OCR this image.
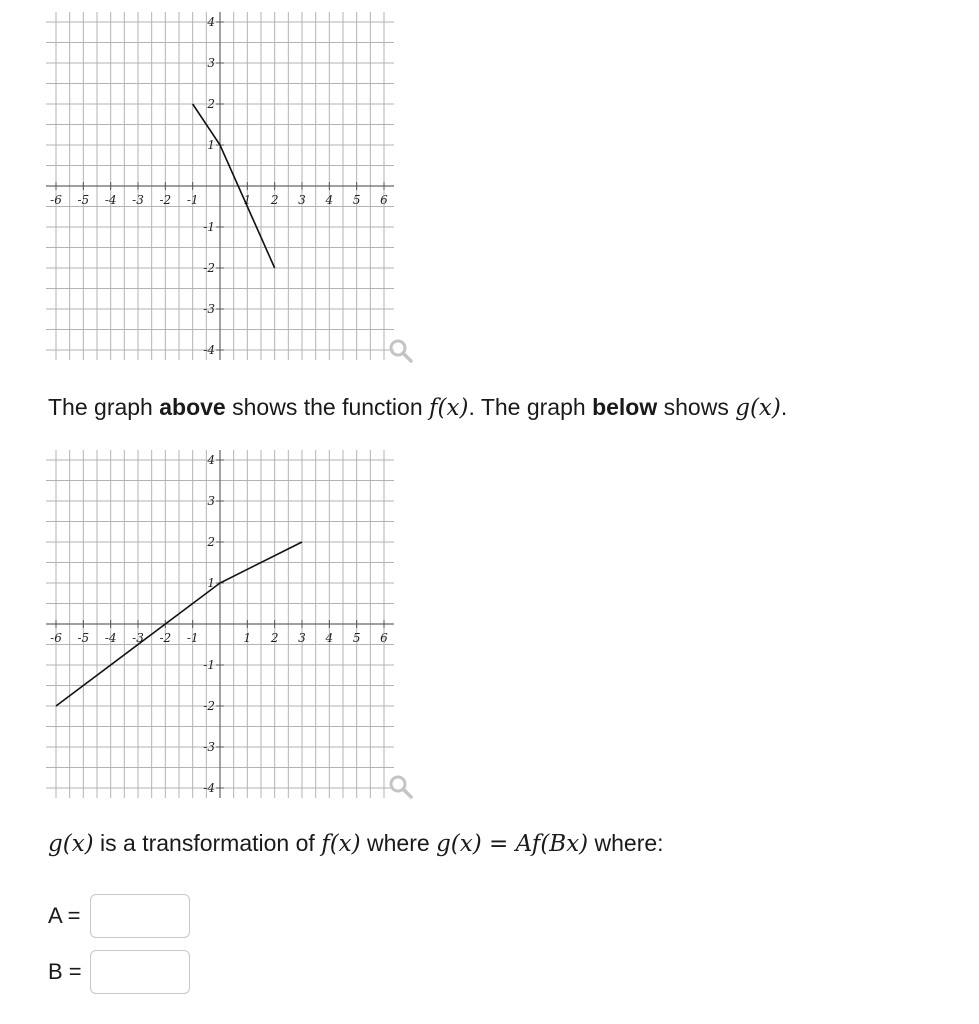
-6 -5 -4 -3 -2 -1	1 2 3 4 5 6
4
3
2
1
-1
-2
-3
-4
The graph above shows the function f(x). The graph below shows g(x).
-6 -5 -4 -3 -2 -1	1 2 3 4 5 6
4
3
2
1
-1
-2
-3
-4
g(x) is a transformation of f(x) where g(x) = Af(Bx) where:
A =
B =
